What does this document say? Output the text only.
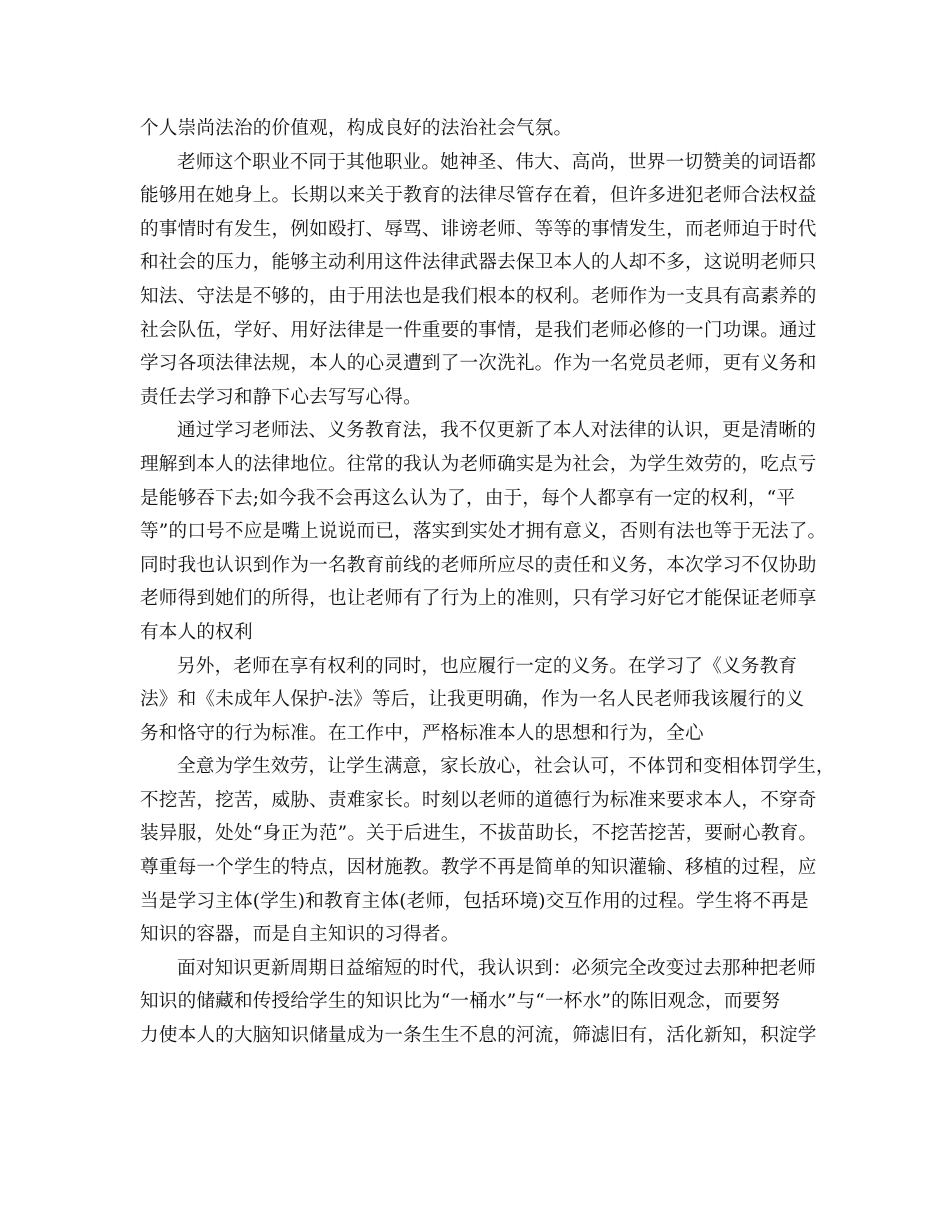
个人崇尚法治的价值观，构成良好的法治社会气氛。
老师这个职业不同于其他职业。她神圣、伟大、高尚，世界一切赞美的词语都
能够用在她身上。长期以来关于教育的法律尽管存在着，但许多进犯老师合法权益
的事情时有发生，例如殴打、辱骂、诽谤老师、等等的事情发生，而老师迫于时代
和社会的压力，能够主动利用这件法律武器去保卫本人的人却不多，这说明老师只
知法、守法是不够的，由于用法也是我们根本的权利。老师作为一支具有高素养的
社会队伍，学好、用好法律是一件重要的事情，是我们老师必修的一门功课。通过
学习各项法律法规，本人的心灵遭到了一次洗礼。作为一名党员老师，更有义务和
责任去学习和静下心去写写心得。
通过学习老师法、义务教育法，我不仅更新了本人对法律的认识，更是清晰的
理解到本人的法律地位。往常的我认为老师确实是为社会，为学生效劳的，吃点亏
是能够吞下去;如今我不会再这么认为了，由于，每个人都享有一定的权利，“平
等”的口号不应是嘴上说说而已，落实到实处才拥有意义，否则有法也等于无法了。
同时我也认识到作为一名教育前线的老师所应尽的责任和义务，本次学习不仅协助
老师得到她们的所得，也让老师有了行为上的准则，只有学习好它才能保证老师享
有本人的权利
另外，老师在享有权利的同时，也应履行一定的义务。在学习了《义务教育
法》和《未成年人保护-法》等后，让我更明确，作为一名人民老师我该履行的义
务和恪守的行为标准。在工作中，严格标准本人的思想和行为，全心
全意为学生效劳，让学生满意，家长放心，社会认可，不体罚和变相体罚学生，
不挖苦，挖苦，威胁、责难家长。时刻以老师的道德行为标准来要求本人，不穿奇
装异服，处处“身正为范”。关于后进生，不拔苗助长，不挖苦挖苦，要耐心教育。
尊重每一个学生的特点，因材施教。教学不再是简单的知识灌输、移植的过程，应
当是学习主体(学生)和教育主体(老师，包括环境)交互作用的过程。学生将不再是
知识的容器，而是自主知识的习得者。
面对知识更新周期日益缩短的时代，我认识到：必须完全改变过去那种把老师
知识的储藏和传授给学生的知识比为“一桶水”与“一杯水”的陈旧观念，而要努
力使本人的大脑知识储量成为一条生生不息的河流，筛滤旧有，活化新知，积淀学
